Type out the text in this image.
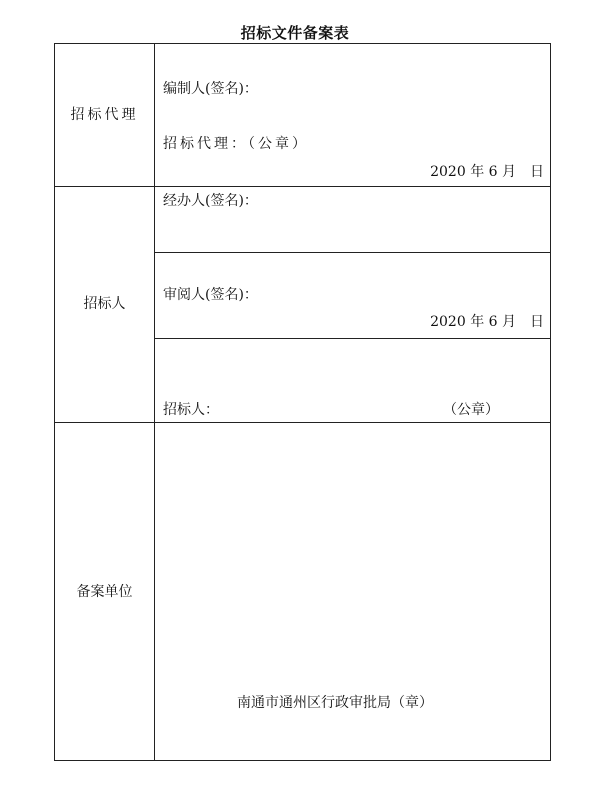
招标文件备案表
招标代理
编制人(签名)：
招标代理：（公章）
2020 年 6 月　日
招标人
经办人(签名)：
审阅人(签名)：
2020 年 6 月　日
招标人：	（公章）
备案单位
南通市通州区行政审批局（章）
